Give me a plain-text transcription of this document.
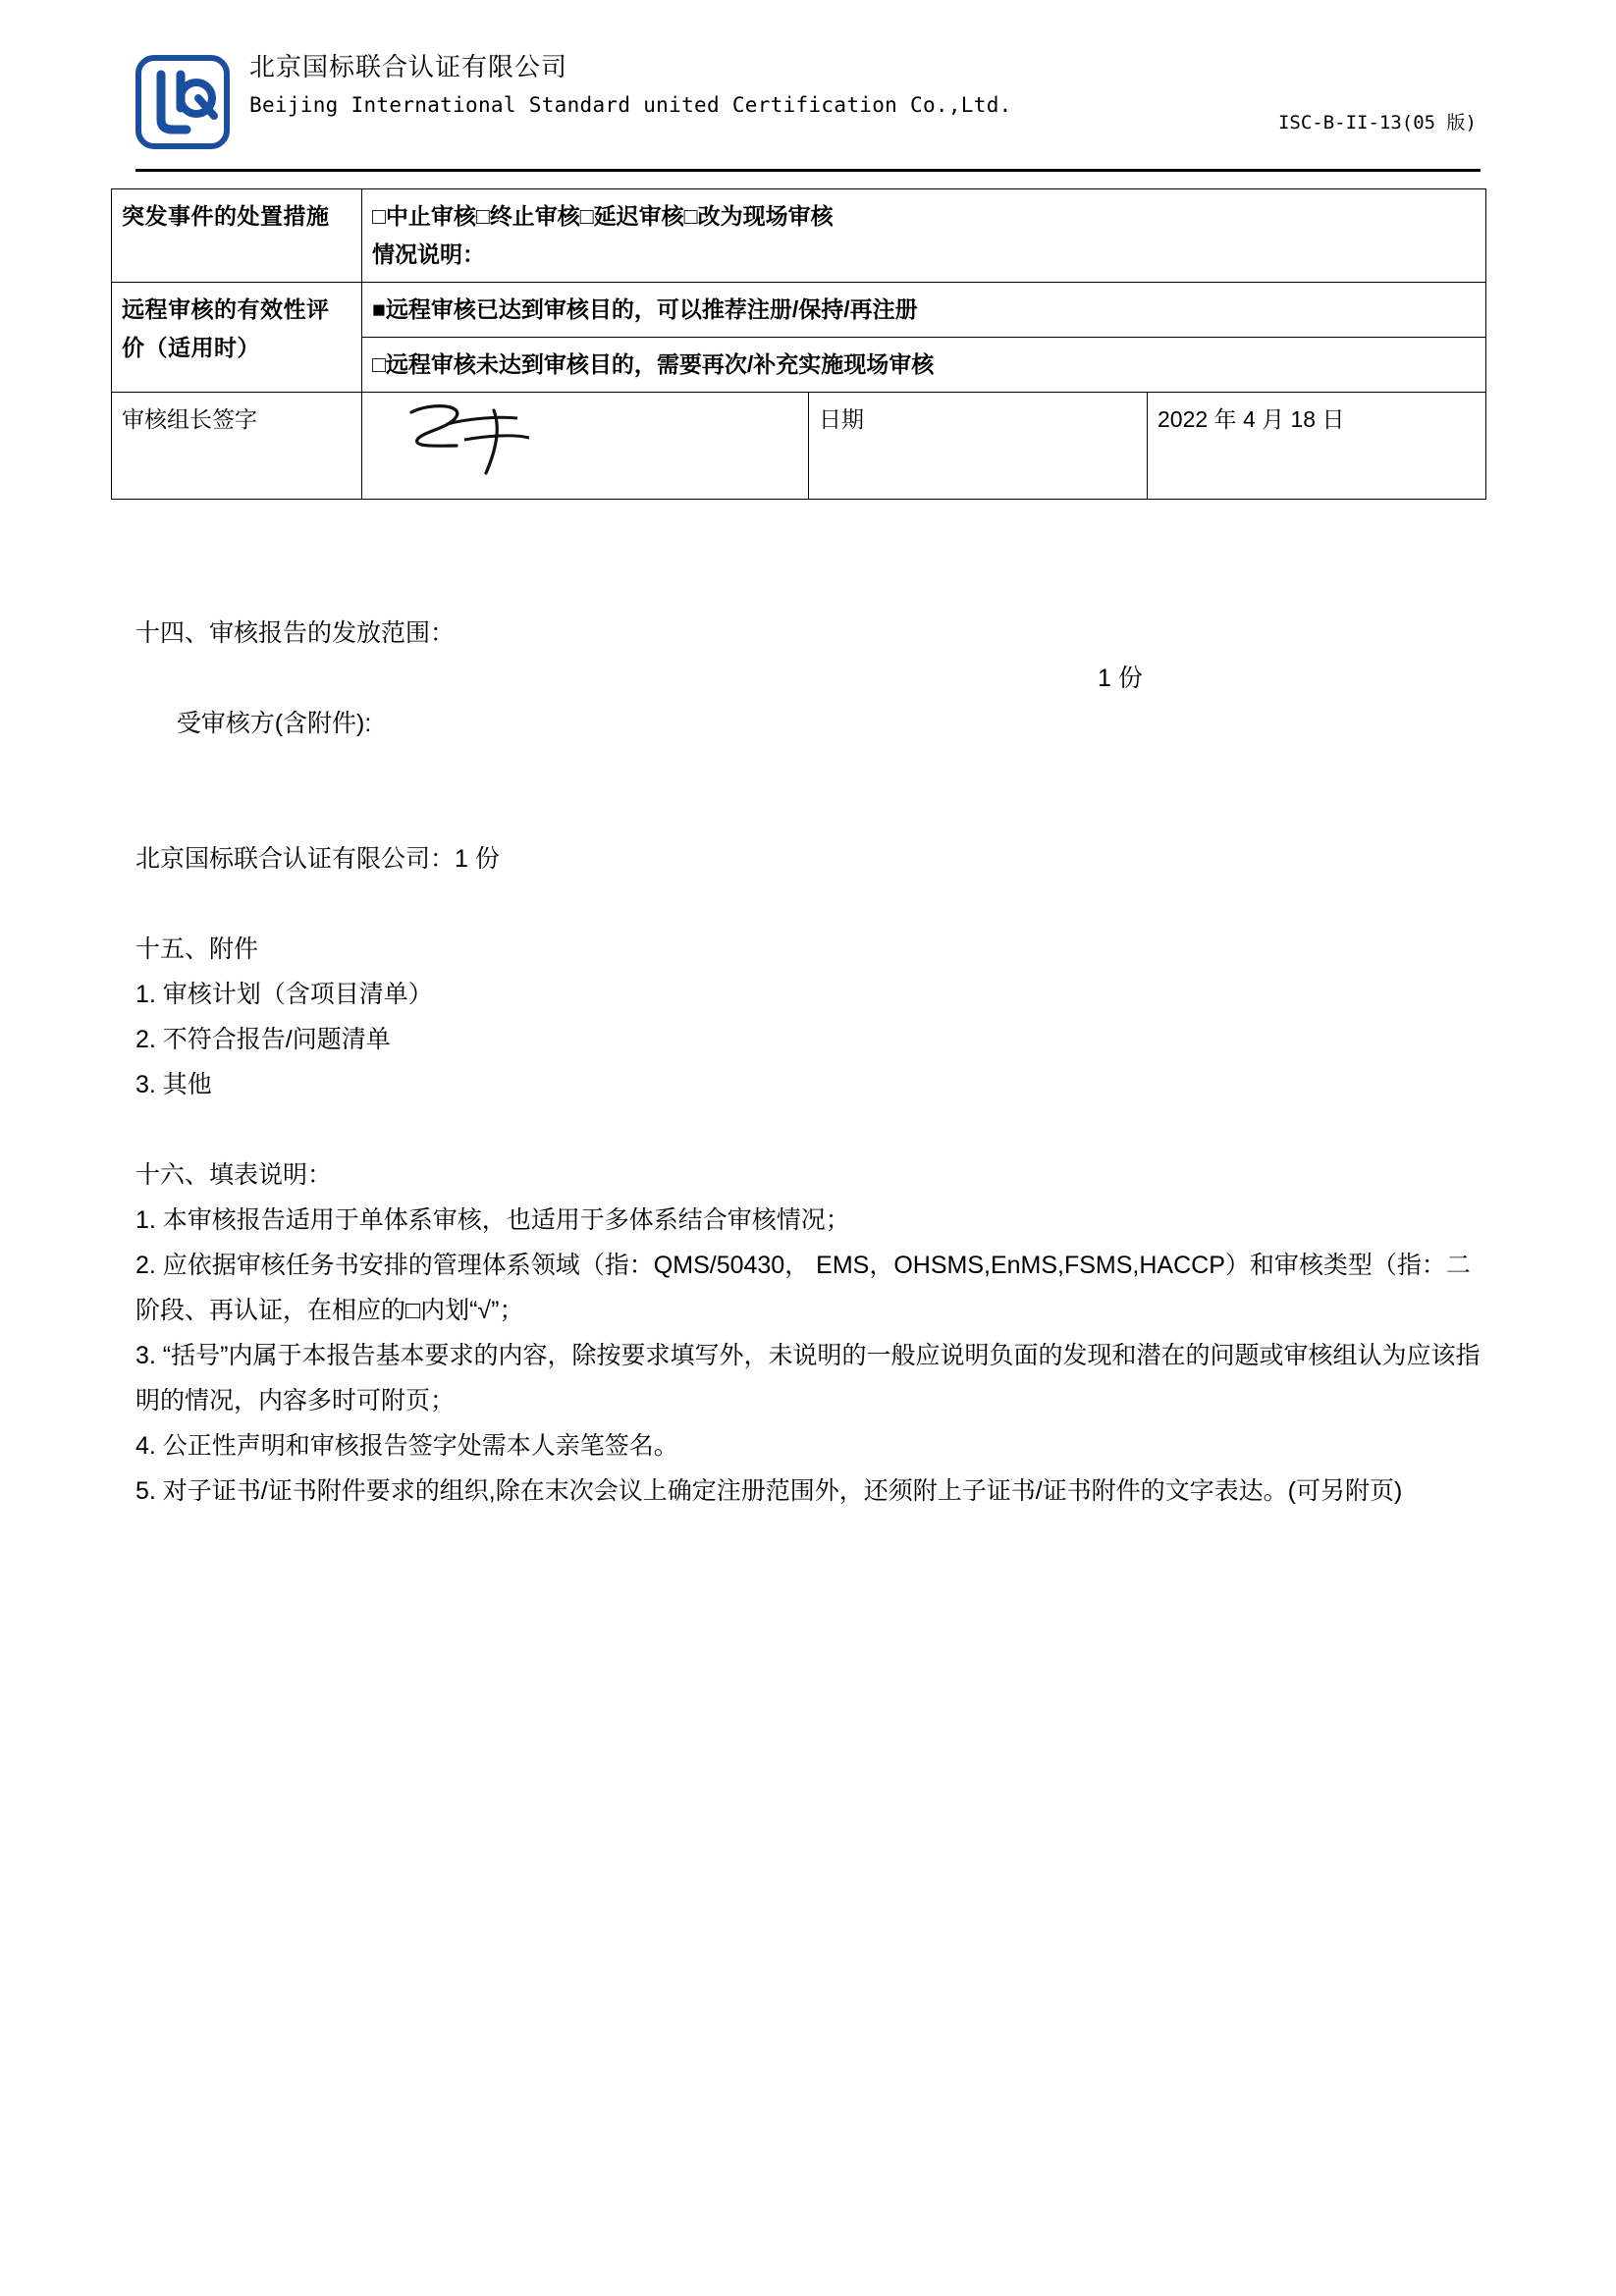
北京国标联合认证有限公司
Beijing International Standard united Certification Co.,Ltd.
ISC-B-II-13(05 版)
突发事件的处置措施	□中止审核□终止审核□延迟审核□改为现场审核
情况说明：		

远程审核的有效性评价（适用时）	■远程审核已达到审核目的，可以推荐注册/保持/再注册		
	□远程审核未达到审核目的，需要再次/补充实施现场审核		
审核组长签字		日期	2022 年 4 月 18 日
十四、审核报告的发放范围：

受审核方(含附件):

1 份

北京国标联合认证有限公司：1 份
十五、附件
1. 审核计划（含项目清单）
2. 不符合报告/问题清单
3. 其他
十六、填表说明：
1. 本审核报告适用于单体系审核，也适用于多体系结合审核情况；
2. 应依据审核任务书安排的管理体系领域（指：QMS/50430， EMS，OHSMS,EnMS,FSMS,HACCP）和审核类型（指：二阶段、再认证，在相应的□内划“√”；
3. “括号”内属于本报告基本要求的内容，除按要求填写外，未说明的一般应说明负面的发现和潜在的问题或审核组认为应该指明的情况，内容多时可附页；
4. 公正性声明和审核报告签字处需本人亲笔签名。
5. 对子证书/证书附件要求的组织,除在末次会议上确定注册范围外，还须附上子证书/证书附件的文字表达。(可另附页)
